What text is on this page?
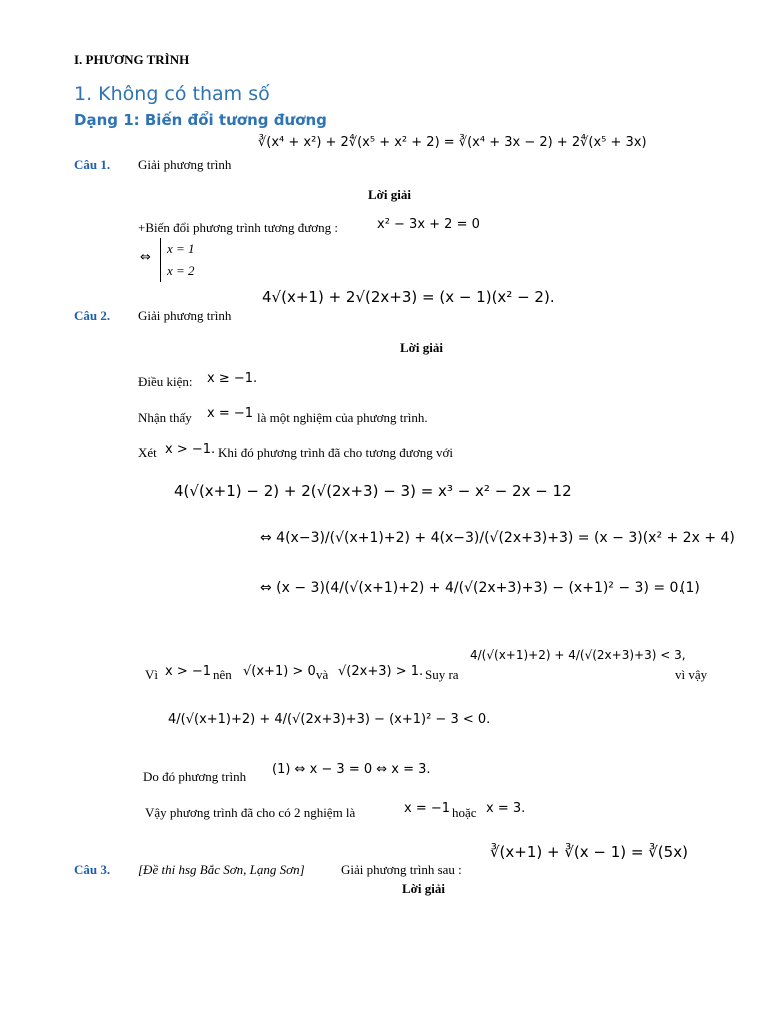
I. PHƯƠNG TRÌNH
1. Không có tham số
Dạng 1: Biến đổi tương đương
∛(x⁴ + x²) + 2∜(x⁵ + x² + 2) = ∛(x⁴ + 3x − 2) + 2∜(x⁵ + 3x)
Câu 1. Giải phương trình
Lời giải
+Biến đổi phương trình tương đương :	x² − 3x + 2 = 0
⇔
x = 1
x = 2
4√(x+1) + 2√(2x+3) = (x − 1)(x² − 2).
Câu 2. Giải phương trình
Lời giải
Điều kiện: x ≥ −1.
Nhận thấy x = −1 là một nghiệm của phương trình.
Xét x > −1. Khi đó phương trình đã cho tương đương với
4(√(x+1) − 2) + 2(√(2x+3) − 3) = x³ − x² − 2x − 12
⇔ 4(x−3)/(√(x+1)+2) + 4(x−3)/(√(2x+3)+3) = (x − 3)(x² + 2x + 4)
⇔ (x − 3)(4/(√(x+1)+2) + 4/(√(2x+3)+3) − (x+1)² − 3) = 0.
(1)
Vì x > −1 nên √(x+1) > 0 và √(2x+3) > 1. Suy ra
4/(√(x+1)+2) + 4/(√(2x+3)+3) < 3,
vì vậy
4/(√(x+1)+2) + 4/(√(2x+3)+3) − (x+1)² − 3 < 0.
Do đó phương trình (1) ⇔ x − 3 = 0 ⇔ x = 3.
Vậy phương trình đã cho có 2 nghiệm là	x = −1 hoặc x = 3.
∛(x+1) + ∛(x − 1) = ∛(5x)
Câu 3. [Đề thi hsg Bắc Sơn, Lạng Sơn]	Giải phương trình sau :
Lời giải
